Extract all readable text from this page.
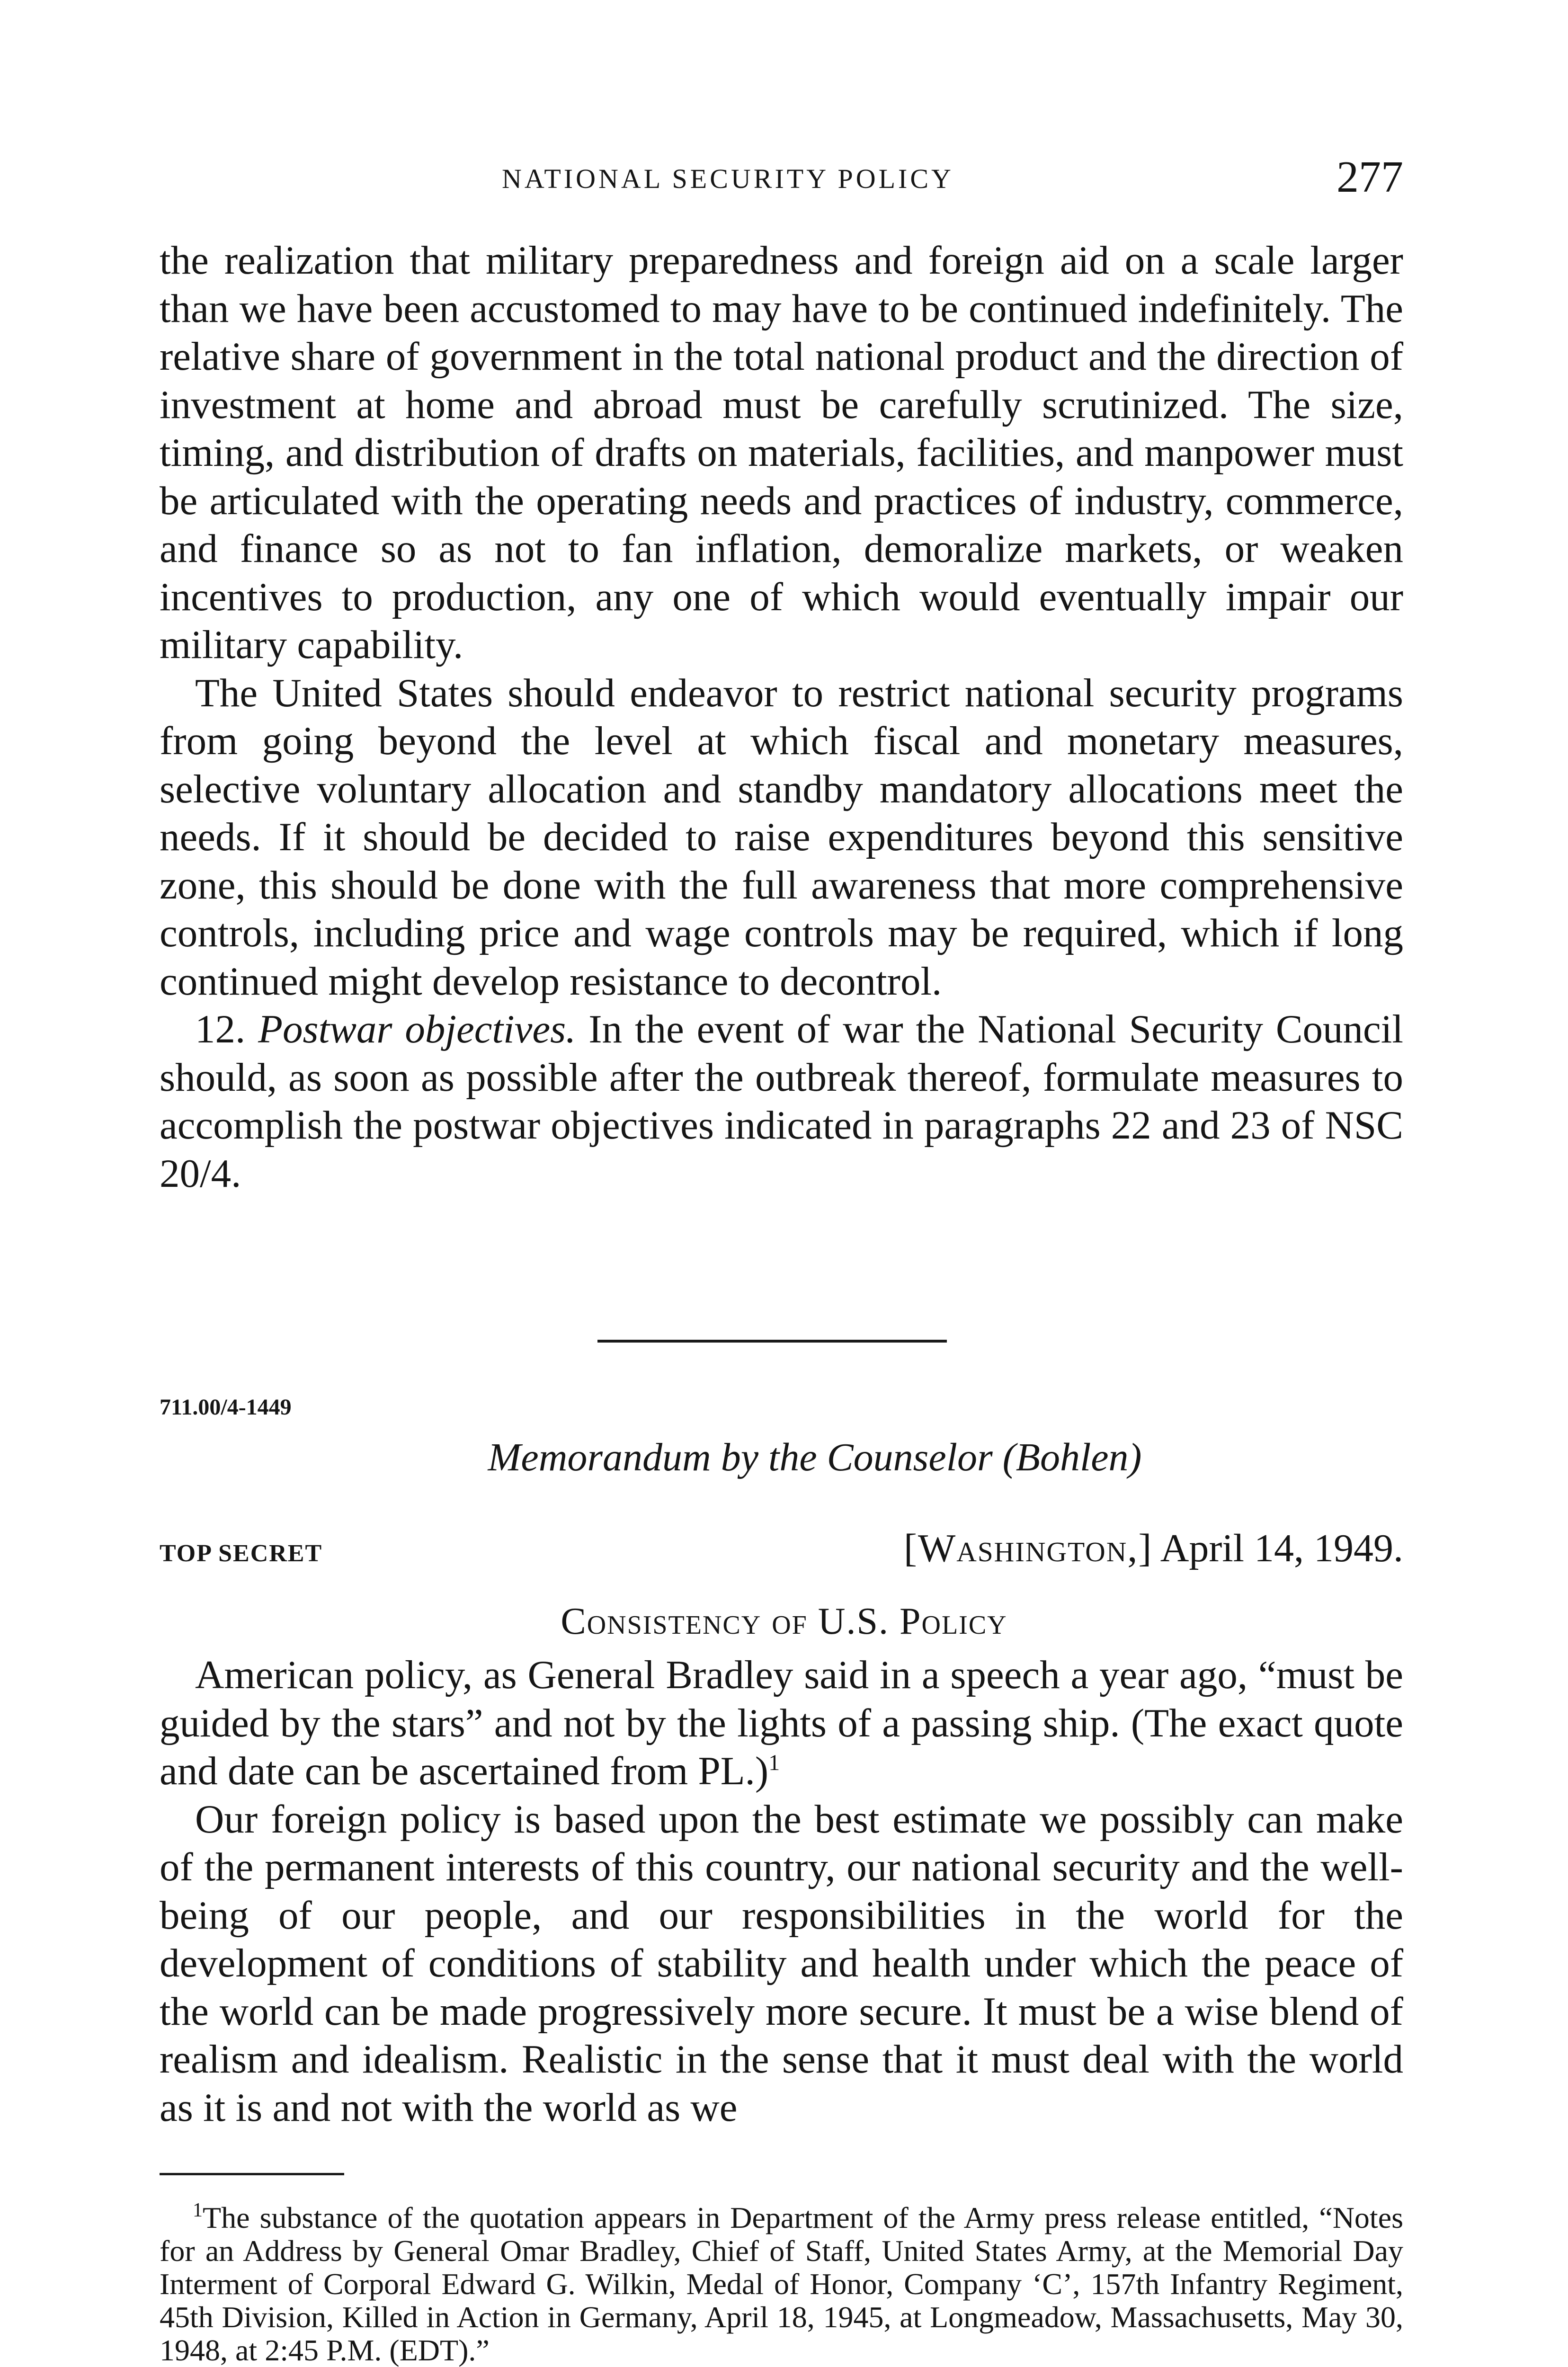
NATIONAL SECURITY POLICY	277

the realization that military preparedness and foreign aid on a scale larger than we have been accustomed to may have to be continued indefinitely. The relative share of government in the total national product and the direction of investment at home and abroad must be carefully scrutinized. The size, timing, and distribution of drafts on materials, facilities, and manpower must be articulated with the operating needs and practices of industry, commerce, and finance so as not to fan inflation, demoralize markets, or weaken incentives to production, any one of which would eventually impair our military capability.

The United States should endeavor to restrict national security programs from going beyond the level at which fiscal and monetary measures, selective voluntary allocation and standby mandatory allocations meet the needs. If it should be decided to raise expenditures beyond this sensitive zone, this should be done with the full awareness that more comprehensive controls, including price and wage controls may be required, which if long continued might develop resistance to decontrol.

12. Postwar objectives. In the event of war the National Security Council should, as soon as possible after the outbreak thereof, formulate measures to accomplish the postwar objectives indicated in paragraphs 22 and 23 of NSC 20/4.

711.00/4-1449
Memorandum by the Counselor (Bohlen)
TOP SECRET	[Washington,] April 14, 1949.
Consistency of U.S. Policy

American policy, as General Bradley said in a speech a year ago, “must be guided by the stars” and not by the lights of a passing ship. (The exact quote and date can be ascertained from PL.)$^1$

Our foreign policy is based upon the best estimate we possibly can make of the permanent interests of this country, our national security and the well-being of our people, and our responsibilities in the world for the development of conditions of stability and health under which the peace of the world can be made progressively more secure. It must be a wise blend of realism and idealism. Realistic in the sense that it must deal with the world as it is and not with the world as we

$^1$The substance of the quotation appears in Department of the Army press release entitled, “Notes for an Address by General Omar Bradley, Chief of Staff, United States Army, at the Memorial Day Interment of Corporal Edward G. Wilkin, Medal of Honor, Company ‘C’, 157th Infantry Regiment, 45th Division, Killed in Action in Germany, April 18, 1945, at Longmeadow, Massachusetts, May 30, 1948, at 2:45 P.M. (EDT).”
